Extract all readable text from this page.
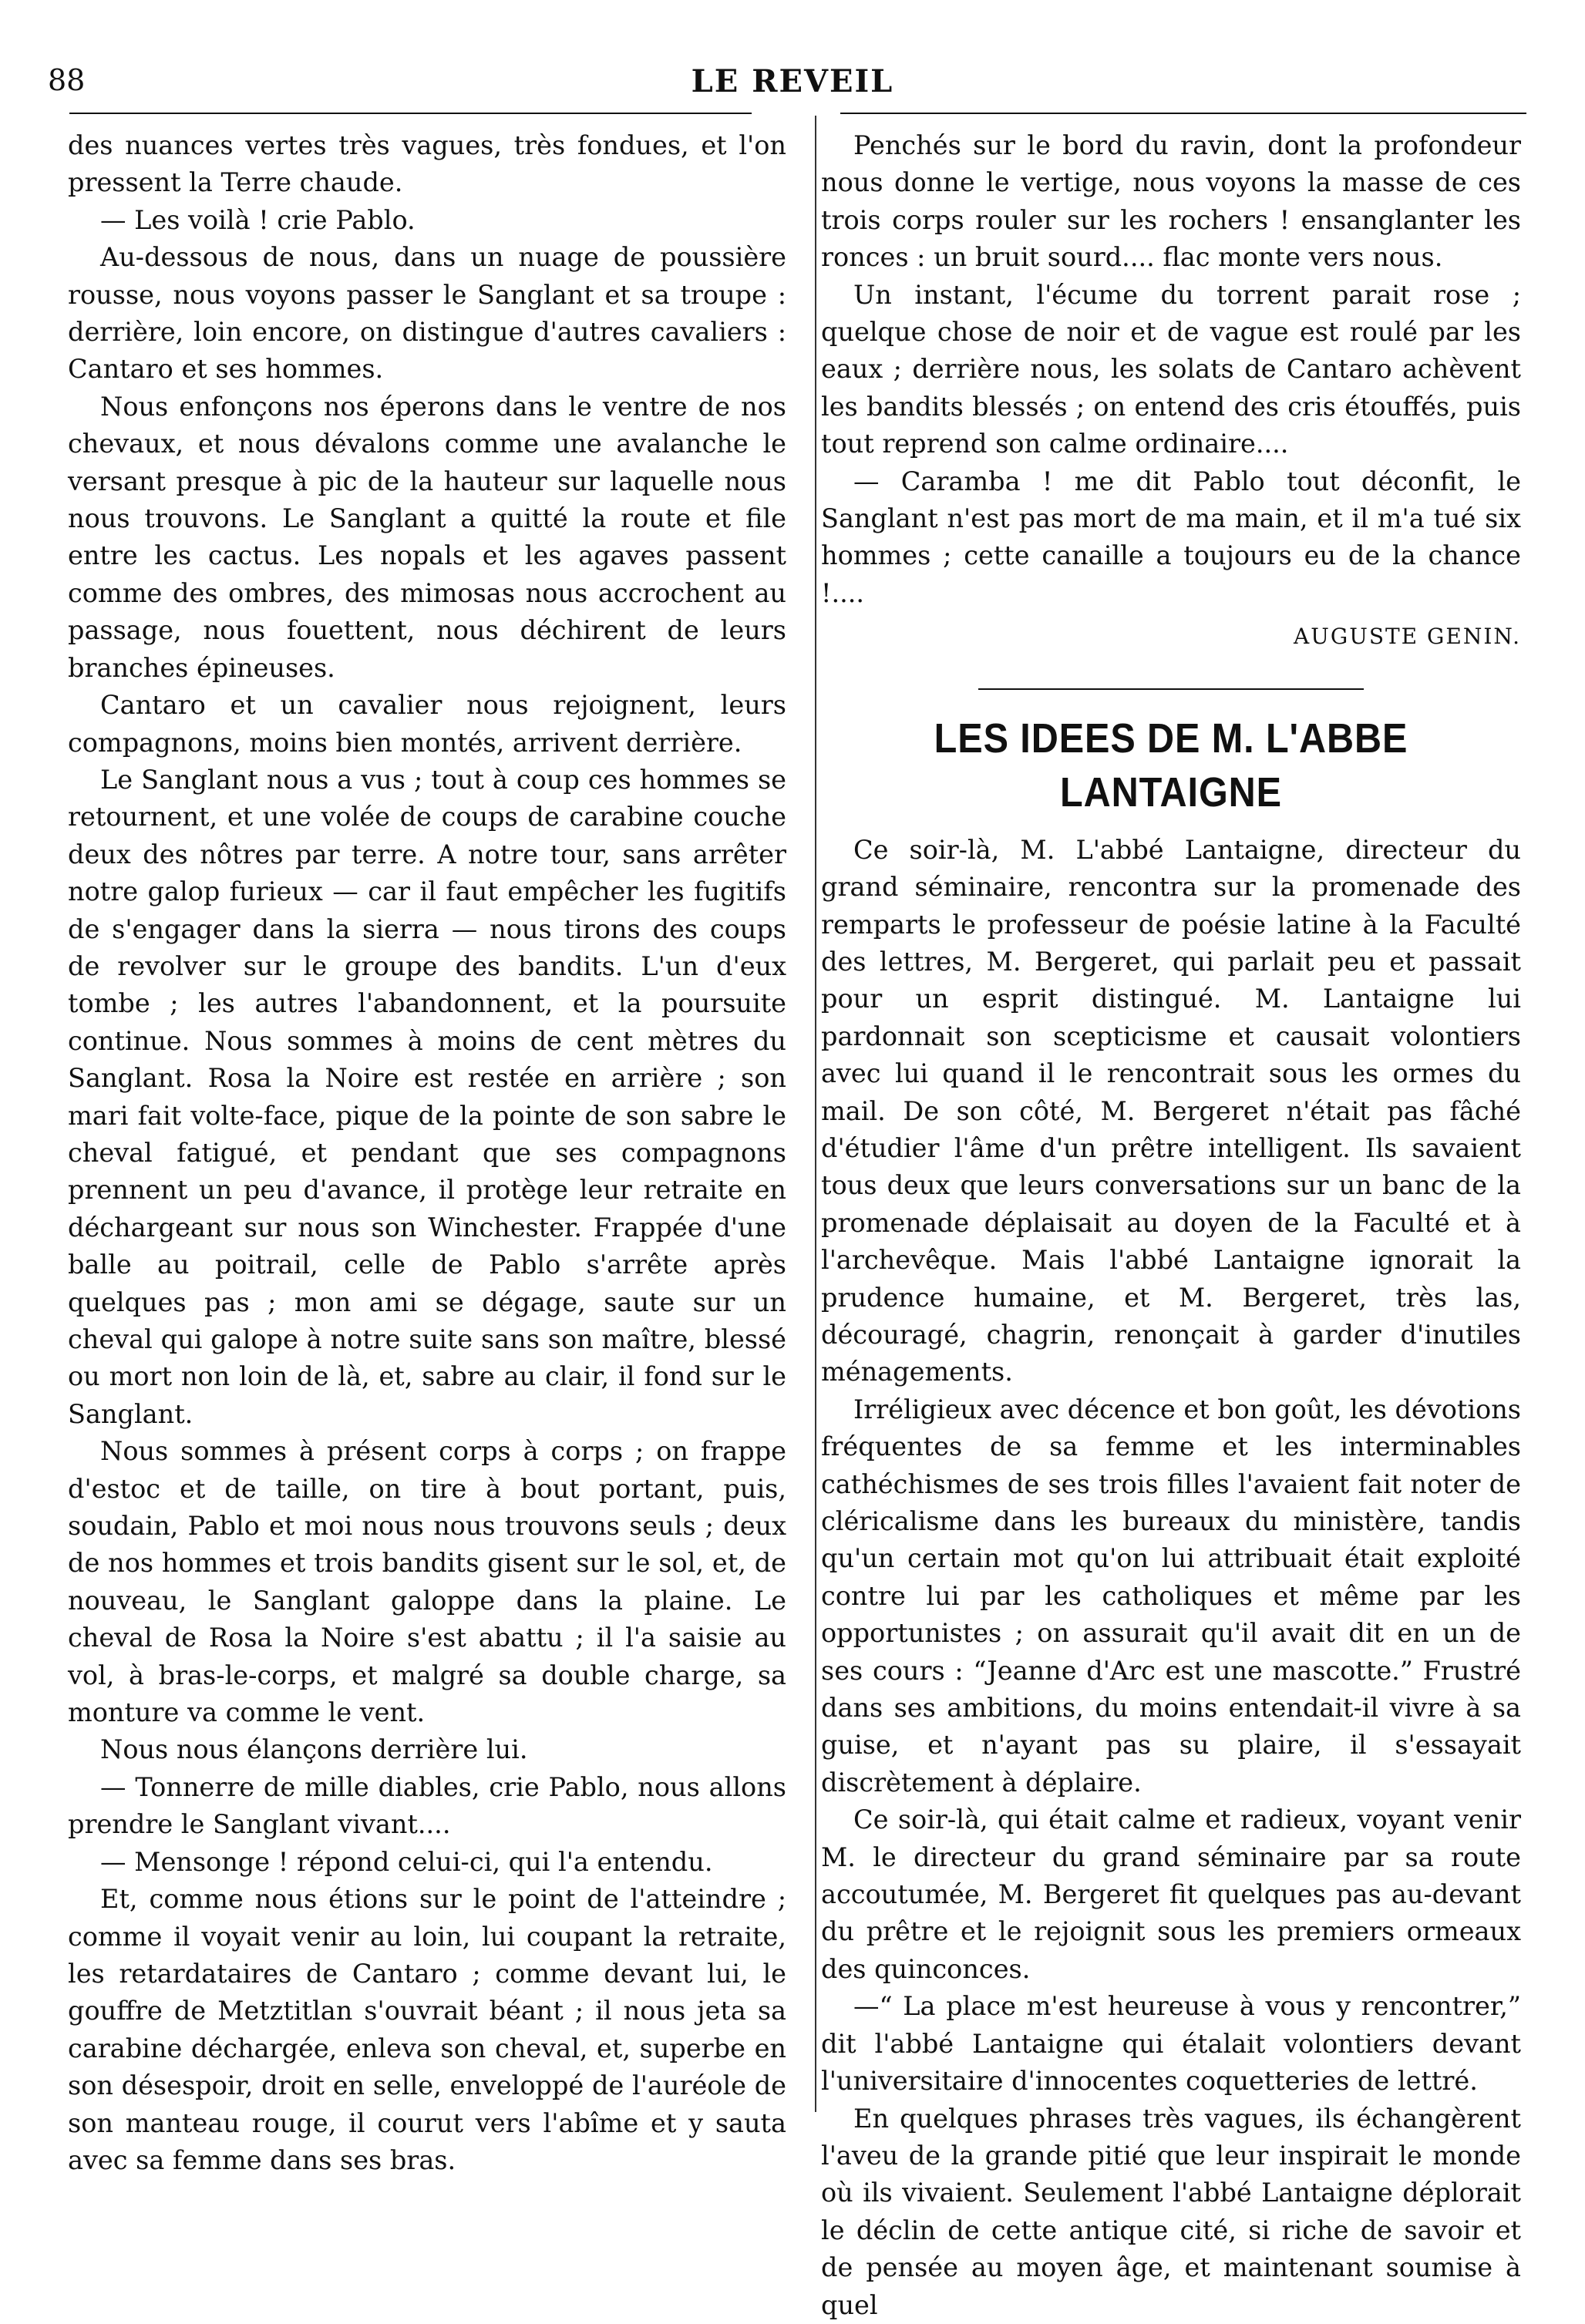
88	LE REVEIL

des nuances vertes très vagues, très fondues, et l'on pressent la Terre chaude.

— Les voilà ! crie Pablo.

Au-dessous de nous, dans un nuage de poussière rousse, nous voyons passer le Sanglant et sa troupe : derrière, loin encore, on distingue d'autres cavaliers : Cantaro et ses hommes.

Nous enfonçons nos éperons dans le ventre de nos chevaux, et nous dévalons comme une avalanche le versant presque à pic de la hauteur sur laquelle nous nous trouvons. Le Sanglant a quitté la route et file entre les cactus. Les nopals et les agaves passent comme des ombres, des mimosas nous accrochent au passage, nous fouettent, nous déchirent de leurs branches épineuses.

Cantaro et un cavalier nous rejoignent, leurs compagnons, moins bien montés, arrivent derrière.

Le Sanglant nous a vus ; tout à coup ces hommes se retournent, et une volée de coups de carabine couche deux des nôtres par terre. A notre tour, sans arrêter notre galop furieux — car il faut empêcher les fugitifs de s'engager dans la sierra — nous tirons des coups de revolver sur le groupe des bandits. L'un d'eux tombe ; les autres l'abandonnent, et la poursuite continue. Nous sommes à moins de cent mètres du Sanglant. Rosa la Noire est restée en arrière ; son mari fait volte-face, pique de la pointe de son sabre le cheval fatigué, et pendant que ses compagnons prennent un peu d'avance, il protège leur retraite en déchargeant sur nous son Winchester. Frappée d'une balle au poitrail, celle de Pablo s'arrête après quelques pas ; mon ami se dégage, saute sur un cheval qui galope à notre suite sans son maître, blessé ou mort non loin de là, et, sabre au clair, il fond sur le Sanglant.

Nous sommes à présent corps à corps ; on frappe d'estoc et de taille, on tire à bout portant, puis, soudain, Pablo et moi nous nous trouvons seuls ; deux de nos hommes et trois bandits gisent sur le sol, et, de nouveau, le Sanglant galoppe dans la plaine. Le cheval de Rosa la Noire s'est abattu ; il l'a saisie au vol, à bras-le-corps, et malgré sa double charge, sa monture va comme le vent.

Nous nous élançons derrière lui.

— Tonnerre de mille diables, crie Pablo, nous allons prendre le Sanglant vivant....

— Mensonge ! répond celui-ci, qui l'a entendu.

Et, comme nous étions sur le point de l'atteindre ; comme il voyait venir au loin, lui coupant la retraite, les retardataires de Cantaro ; comme devant lui, le gouffre de Metztitlan s'ouvrait béant ; il nous jeta sa carabine déchargée, enleva son cheval, et, superbe en son désespoir, droit en selle, enveloppé de l'auréole de son manteau rouge, il courut vers l'abîme et y sauta avec sa femme dans ses bras.

Penchés sur le bord du ravin, dont la profondeur nous donne le vertige, nous voyons la masse de ces trois corps rouler sur les rochers ! ensanglanter les ronces : un bruit sourd.... flac monte vers nous.

Un instant, l'écume du torrent parait rose ; quelque chose de noir et de vague est roulé par les eaux ; derrière nous, les solats de Cantaro achèvent les bandits blessés ; on entend des cris étouffés, puis tout reprend son calme ordinaire....

— Caramba ! me dit Pablo tout déconfit, le Sanglant n'est pas mort de ma main, et il m'a tué six hommes ; cette canaille a toujours eu de la chance !....

AUGUSTE GENIN.
LES IDEES DE M. L'ABBE LANTAIGNE

Ce soir-là, M. L'abbé Lantaigne, directeur du grand séminaire, rencontra sur la promenade des remparts le professeur de poésie latine à la Faculté des lettres, M. Bergeret, qui parlait peu et passait pour un esprit distingué. M. Lantaigne lui pardonnait son scepticisme et causait volontiers avec lui quand il le rencontrait sous les ormes du mail. De son côté, M. Bergeret n'était pas fâché d'étudier l'âme d'un prêtre intelligent. Ils savaient tous deux que leurs conversations sur un banc de la promenade déplaisait au doyen de la Faculté et à l'archevêque. Mais l'abbé Lantaigne ignorait la prudence humaine, et M. Bergeret, très las, découragé, chagrin, renonçait à garder d'inutiles ménagements.

Irréligieux avec décence et bon goût, les dévotions fréquentes de sa femme et les interminables cathéchismes de ses trois filles l'avaient fait noter de cléricalisme dans les bureaux du ministère, tandis qu'un certain mot qu'on lui attribuait était exploité contre lui par les catholiques et même par les opportunistes ; on assurait qu'il avait dit en un de ses cours : “Jeanne d'Arc est une mascotte.” Frustré dans ses ambitions, du moins entendait-il vivre à sa guise, et n'ayant pas su plaire, il s'essayait discrètement à déplaire.

Ce soir-là, qui était calme et radieux, voyant venir M. le directeur du grand séminaire par sa route accoutumée, M. Bergeret fit quelques pas au-devant du prêtre et le rejoignit sous les premiers ormeaux des quinconces.

—“ La place m'est heureuse à vous y rencontrer,” dit l'abbé Lantaigne qui étalait volontiers devant l'universitaire d'innocentes coquetteries de lettré.

En quelques phrases très vagues, ils échangèrent l'aveu de la grande pitié que leur inspirait le monde où ils vivaient. Seulement l'abbé Lantaigne déplorait le déclin de cette antique cité, si riche de savoir et de pensée au moyen âge, et maintenant soumise à quel
